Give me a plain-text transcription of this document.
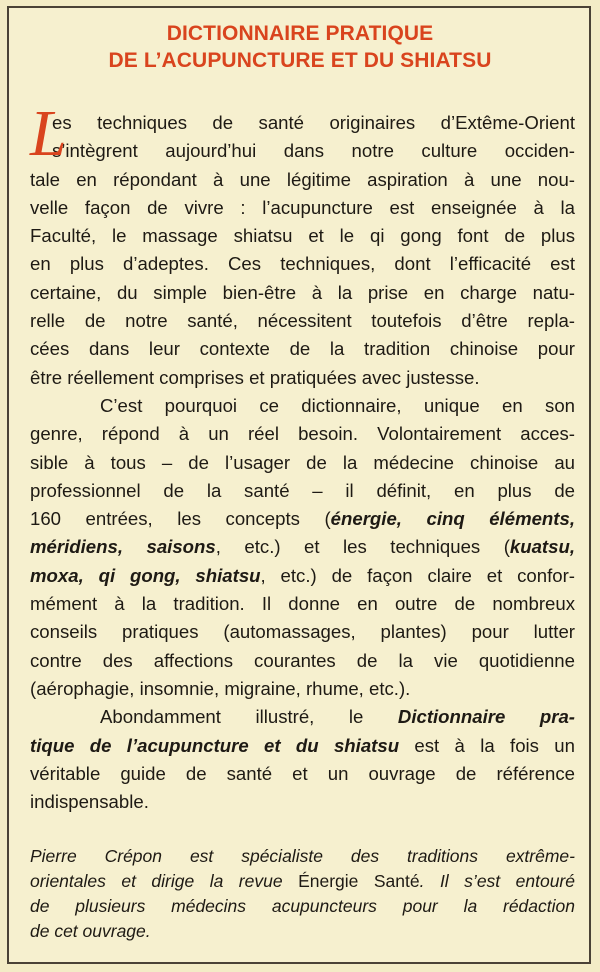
DICTIONNAIRE PRATIQUE
DE L’ACUPUNCTURE ET DU SHIATSU
L
es techniques de santé originaires d’Extême-Orient
s’intègrent aujourd’hui dans notre culture occiden-
tale en répondant à une légitime aspiration à une nou-
velle façon de vivre : l’acupuncture est enseignée à la
Faculté, le massage shiatsu et le qi gong font de plus
en plus d’adeptes. Ces techniques, dont l’efficacité est
certaine, du simple bien-être à la prise en charge natu-
relle de notre santé, nécessitent toutefois d’être repla-
cées dans leur contexte de la tradition chinoise pour
être réellement comprises et pratiquées avec justesse.
C’est pourquoi ce dictionnaire, unique en son
genre, répond à un réel besoin. Volontairement acces-
sible à tous – de l’usager de la médecine chinoise au
professionnel de la santé – il définit, en plus de
160 entrées, les concepts (énergie, cinq éléments,
méridiens, saisons, etc.) et les techniques (kuatsu,
moxa, qi gong, shiatsu, etc.) de façon claire et confor-
mément à la tradition. Il donne en outre de nombreux
conseils pratiques (automassages, plantes) pour lutter
contre des affections courantes de la vie quotidienne
(aérophagie, insomnie, migraine, rhume, etc.).
Abondamment illustré, le Dictionnaire pra-
tique de l’acupuncture et du shiatsu est à la fois un
véritable guide de santé et un ouvrage de référence
indispensable.
Pierre Crépon est spécialiste des traditions extrême-
orientales et dirige la revue Énergie Santé. Il s’est entouré
de plusieurs médecins acupuncteurs pour la rédaction
de cet ouvrage.
